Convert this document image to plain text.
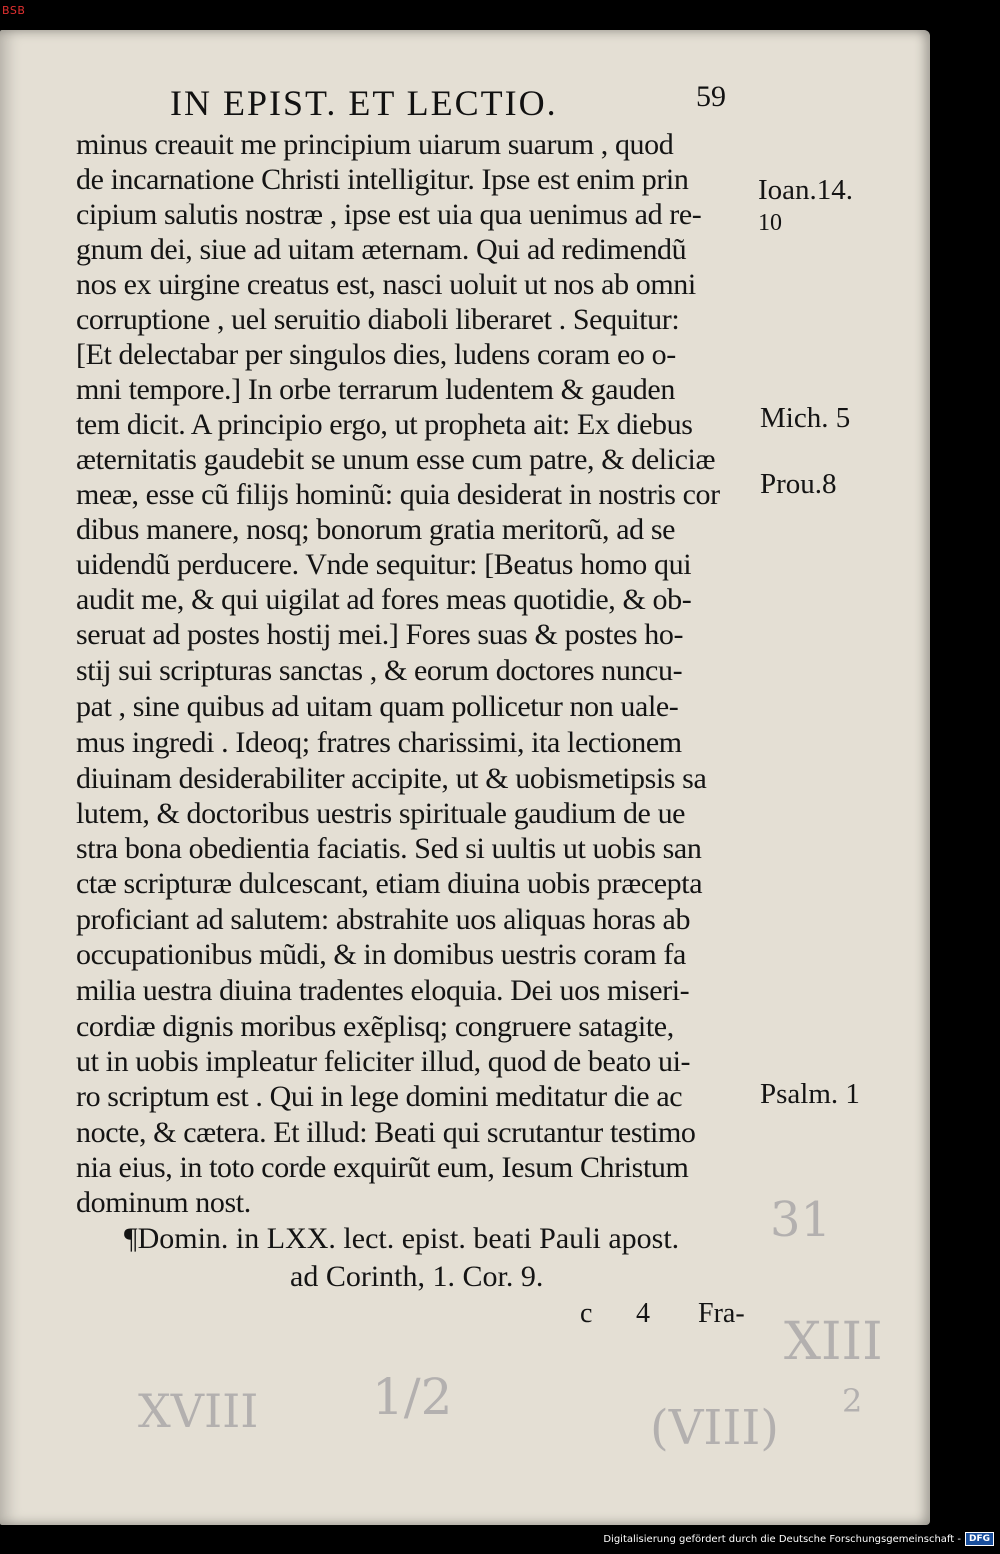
BSB
IN EPIST. ET LECTIO.	59
minus creauit me principium uiarum suarum , quod
de incarnatione Christi intelligitur. Ipse est enim prin
cipium salutis nostræ , ipse est uia qua uenimus ad re-
gnum dei, siue ad uitam æternam. Qui ad redimendũ
nos ex uirgine creatus est, nasci uoluit ut nos ab omni
corruptione , uel seruitio diaboli liberaret . Sequitur:
[Et delectabar per singulos dies, ludens coram eo o-
mni tempore.] In orbe terrarum ludentem & gauden
tem dicit. A principio ergo, ut propheta ait: Ex diebus
æternitatis gaudebit se unum esse cum patre, & deliciæ
meæ, esse cũ filijs hominũ: quia desiderat in nostris cor
dibus manere, nosq; bonorum gratia meritorũ, ad se
uidendũ perducere. Vnde sequitur: [Beatus homo qui
audit me, & qui uigilat ad fores meas quotidie, & ob-
seruat ad postes hostij mei.] Fores suas & postes ho-
stij sui scripturas sanctas , & eorum doctores nuncu-
pat , sine quibus ad uitam quam pollicetur non uale-
mus ingredi . Ideoq; fratres charissimi, ita lectionem
diuinam desiderabiliter accipite, ut & uobismetipsis sa
lutem, & doctoribus uestris spirituale gaudium de ue
stra bona obedientia faciatis. Sed si uultis ut uobis san
ctæ scripturæ dulcescant, etiam diuina uobis præcepta
proficiant ad salutem: abstrahite uos aliquas horas ab
occupationibus mũdi, & in domibus uestris coram fa
milia uestra diuina tradentes eloquia. Dei uos miseri-
cordiæ dignis moribus exẽplisq; congruere satagite,
ut in uobis impleatur feliciter illud, quod de beato ui-
ro scriptum est . Qui in lege domini meditatur die ac
nocte, & cætera. Et illud: Beati qui scrutantur testimo
nia eius, in toto corde exquirũt eum, Iesum Christum
dominum nost.
Ioan.14.
10
Mich. 5
Prou.8
Psalm. 1
¶Domin. in LXX. lect. epist. beati Pauli apost.
ad Corinth, 1. Cor. 9.
c 4 Fra-
31
XIII
XVIII 1/2
(VIII) 2
Digitalisierung gefördert durch die Deutsche Forschungsgemeinschaft - DFG
